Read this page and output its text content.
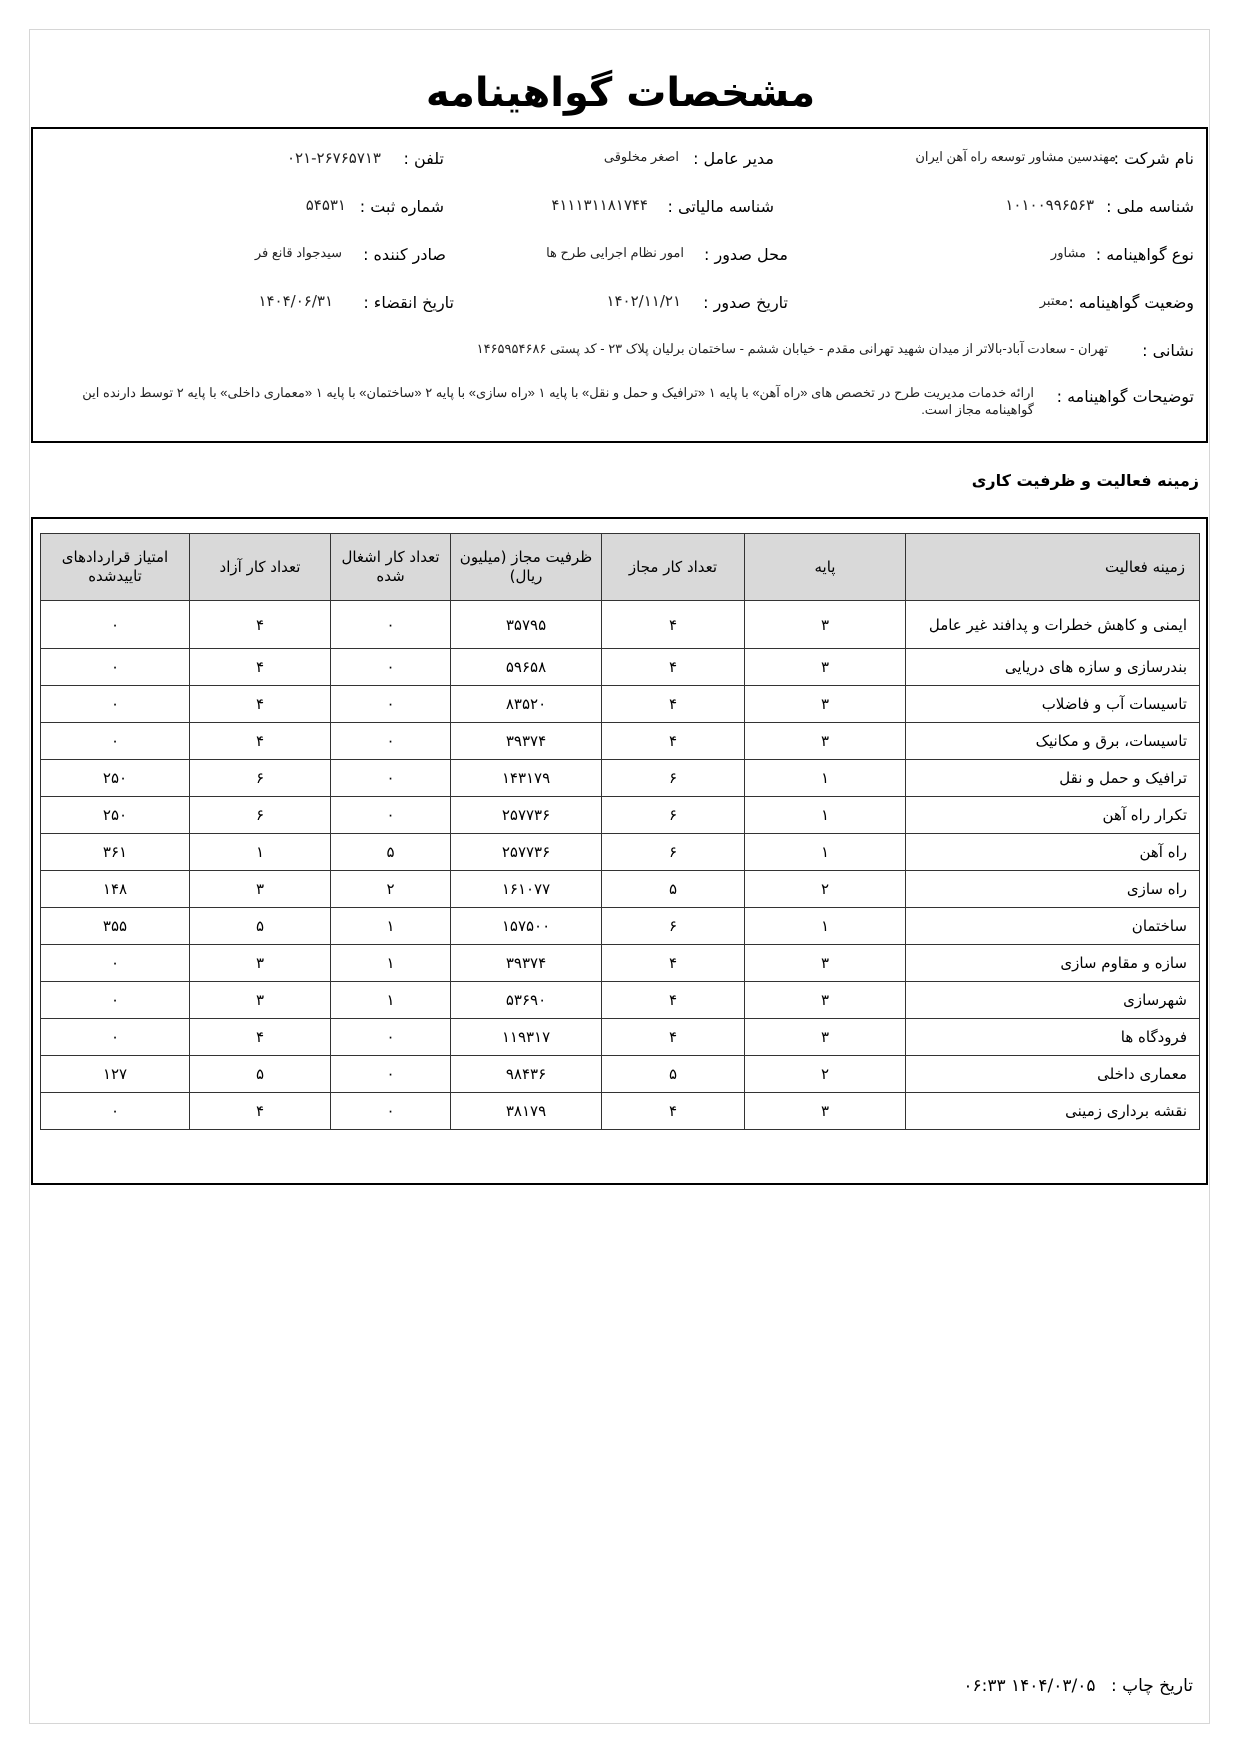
مشخصات گواهینامه
نام شرکت :
مهندسین مشاور توسعه راه آهن ایران
مدیر عامل :
اصغر مخلوقی
تلفن :
۰۲۱-۲۶۷۶۵۷۱۳
شناسه ملی :
۱۰۱۰۰۹۹۶۵۶۳
شناسه مالیاتی :
۴۱۱۱۳۱۱۸۱۷۴۴
شماره ثبت :
۵۴۵۳۱
نوع گواهینامه :
مشاور
محل صدور :
امور نظام اجرایی طرح ها
صادر کننده :
سیدجواد قانع فر
وضعیت گواهینامه :
معتبر
تاریخ صدور :
۱۴۰۲/۱۱/۲۱
تاریخ انقضاء :
۱۴۰۴/۰۶/۳۱
نشانی :
تهران - سعادت آباد-بالاتر از میدان شهید تهرانی مقدم - خیابان ششم - ساختمان برلیان پلاک ۲۳ - کد پستی ۱۴۶۵۹۵۴۶۸۶
توضیحات گواهینامه :
ارائه خدمات مدیریت طرح در تخصص های «راه آهن» با پایه ۱ «ترافیک و حمل و نقل» با پایه ۱ «راه سازی» با پایه ۲ «ساختمان» با پایه ۱ «معماری داخلی» با پایه ۲ توسط دارنده این گواهینامه مجاز است.
زمینه فعالیت و ظرفیت کاری
زمینه فعالیت	پایه	تعداد کار مجاز	ظرفیت مجاز (میلیون ریال)	تعداد کار اشغال شده	تعداد کار آزاد	امتیاز قراردادهای تاییدشده
ایمنی و کاهش خطرات و پدافند غیر عامل	۳	۴	۳۵۷۹۵	۰	۴	۰
بندرسازی و سازه های دریایی	۳	۴	۵۹۶۵۸	۰	۴	۰
تاسیسات آب و فاضلاب	۳	۴	۸۳۵۲۰	۰	۴	۰
تاسیسات، برق و مکانیک	۳	۴	۳۹۳۷۴	۰	۴	۰
ترافیک و حمل و نقل	۱	۶	۱۴۳۱۷۹	۰	۶	۲۵۰
تکرار راه آهن	۱	۶	۲۵۷۷۳۶	۰	۶	۲۵۰
راه آهن	۱	۶	۲۵۷۷۳۶	۵	۱	۳۶۱
راه سازی	۲	۵	۱۶۱۰۷۷	۲	۳	۱۴۸
ساختمان	۱	۶	۱۵۷۵۰۰	۱	۵	۳۵۵
سازه و مقاوم سازی	۳	۴	۳۹۳۷۴	۱	۳	۰
شهرسازی	۳	۴	۵۳۶۹۰	۱	۳	۰
فرودگاه ها	۳	۴	۱۱۹۳۱۷	۰	۴	۰
معماری داخلی	۲	۵	۹۸۴۳۶	۰	۵	۱۲۷
نقشه برداری زمینی	۳	۴	۳۸۱۷۹	۰	۴	۰
تاریخ چاپ : ۱۴۰۴/۰۳/۰۵ ۰۶:۳۳
